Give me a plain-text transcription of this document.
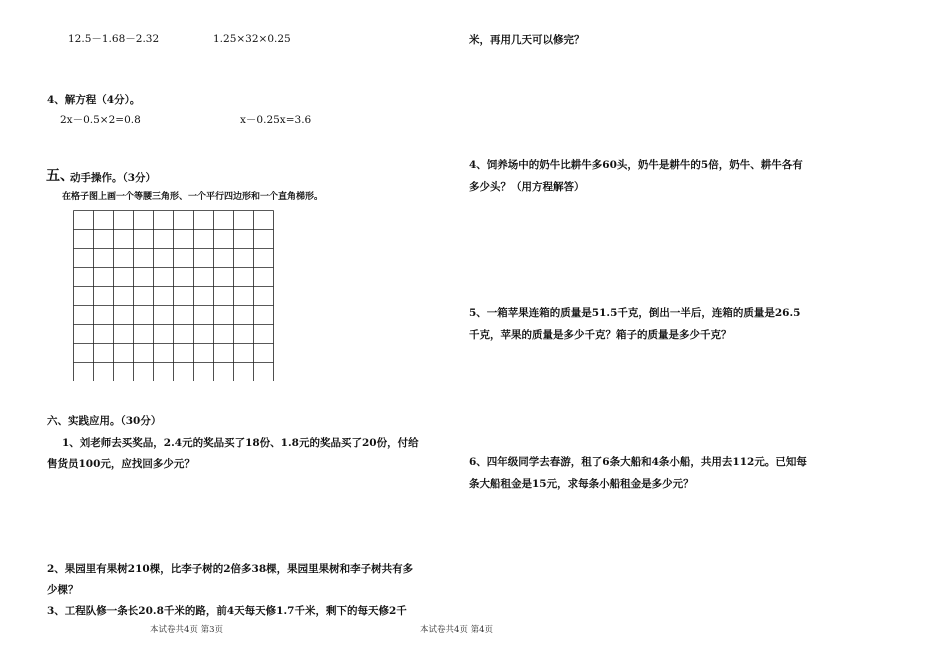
12.5－1.68－2.32	1.25×32×0.25
4、解方程（4分）。
2x－0.5×2=0.8	x－0.25x=3.6
五、
动手操作。（3分）
在格子图上画一个等腰三角形、一个平行四边形和一个直角梯形。
六、实践应用。（30分）
1、刘老师去买奖品，2.4元的奖品买了18份、1.8元的奖品买了20份，付给
售货员100元，应找回多少元？
2、果园里有果树210棵，比李子树的2倍多38棵，果园里果树和李子树共有多
少棵？
3、工程队修一条长20.8千米的路，前4天每天修1.7千米，剩下的每天修2千
本试卷共4页 第3页
米，再用几天可以修完？
4、饲养场中的奶牛比耕牛多60头，奶牛是耕牛的5倍，奶牛、耕牛各有
多少头？（用方程解答）
5、一箱苹果连箱的质量是51.5千克，倒出一半后，连箱的质量是26.5
千克，苹果的质量是多少千克？箱子的质量是多少千克？
6、四年级同学去春游，租了6条大船和4条小船，共用去112元。已知每
条大船租金是15元，求每条小船租金是多少元？
本试卷共4页 第4页
